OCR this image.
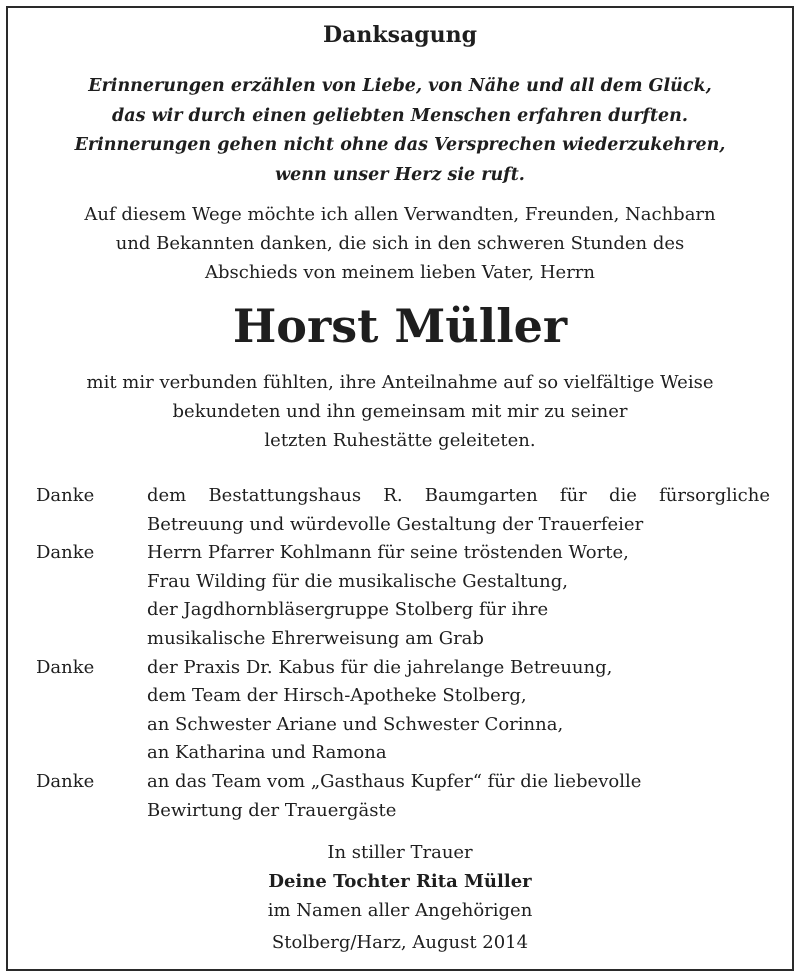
Danksagung
Erinnerungen erzählen von Liebe, von Nähe und all dem Glück,
das wir durch einen geliebten Menschen erfahren durften.
Erinnerungen gehen nicht ohne das Versprechen wiederzukehren,
wenn unser Herz sie ruft.
Auf diesem Wege möchte ich allen Verwandten, Freunden, Nachbarn
und Bekannten danken, die sich in den schweren Stunden des
Abschieds von meinem lieben Vater, Herrn
Horst Müller
mit mir verbunden fühlten, ihre Anteilnahme auf so vielfältige Weise
bekundeten und ihn gemeinsam mit mir zu seiner
letzten Ruhestätte geleiteten.
Danke	dem Bestattungshaus R. Baumgarten für die fürsorgliche
Betreuung und würdevolle Gestaltung der Trauerfeier
Danke	Herrn Pfarrer Kohlmann für seine tröstenden Worte,
Frau Wilding für die musikalische Gestaltung,
der Jagdhornbläsergruppe Stolberg für ihre
musikalische Ehrerweisung am Grab
Danke	der Praxis Dr. Kabus für die jahrelange Betreuung,
dem Team der Hirsch-Apotheke Stolberg,
an Schwester Ariane und Schwester Corinna,
an Katharina und Ramona
Danke	an das Team vom „Gasthaus Kupfer“ für die liebevolle
Bewirtung der Trauergäste
In stiller Trauer
Deine Tochter Rita Müller
im Namen aller Angehörigen
Stolberg/Harz, August 2014
